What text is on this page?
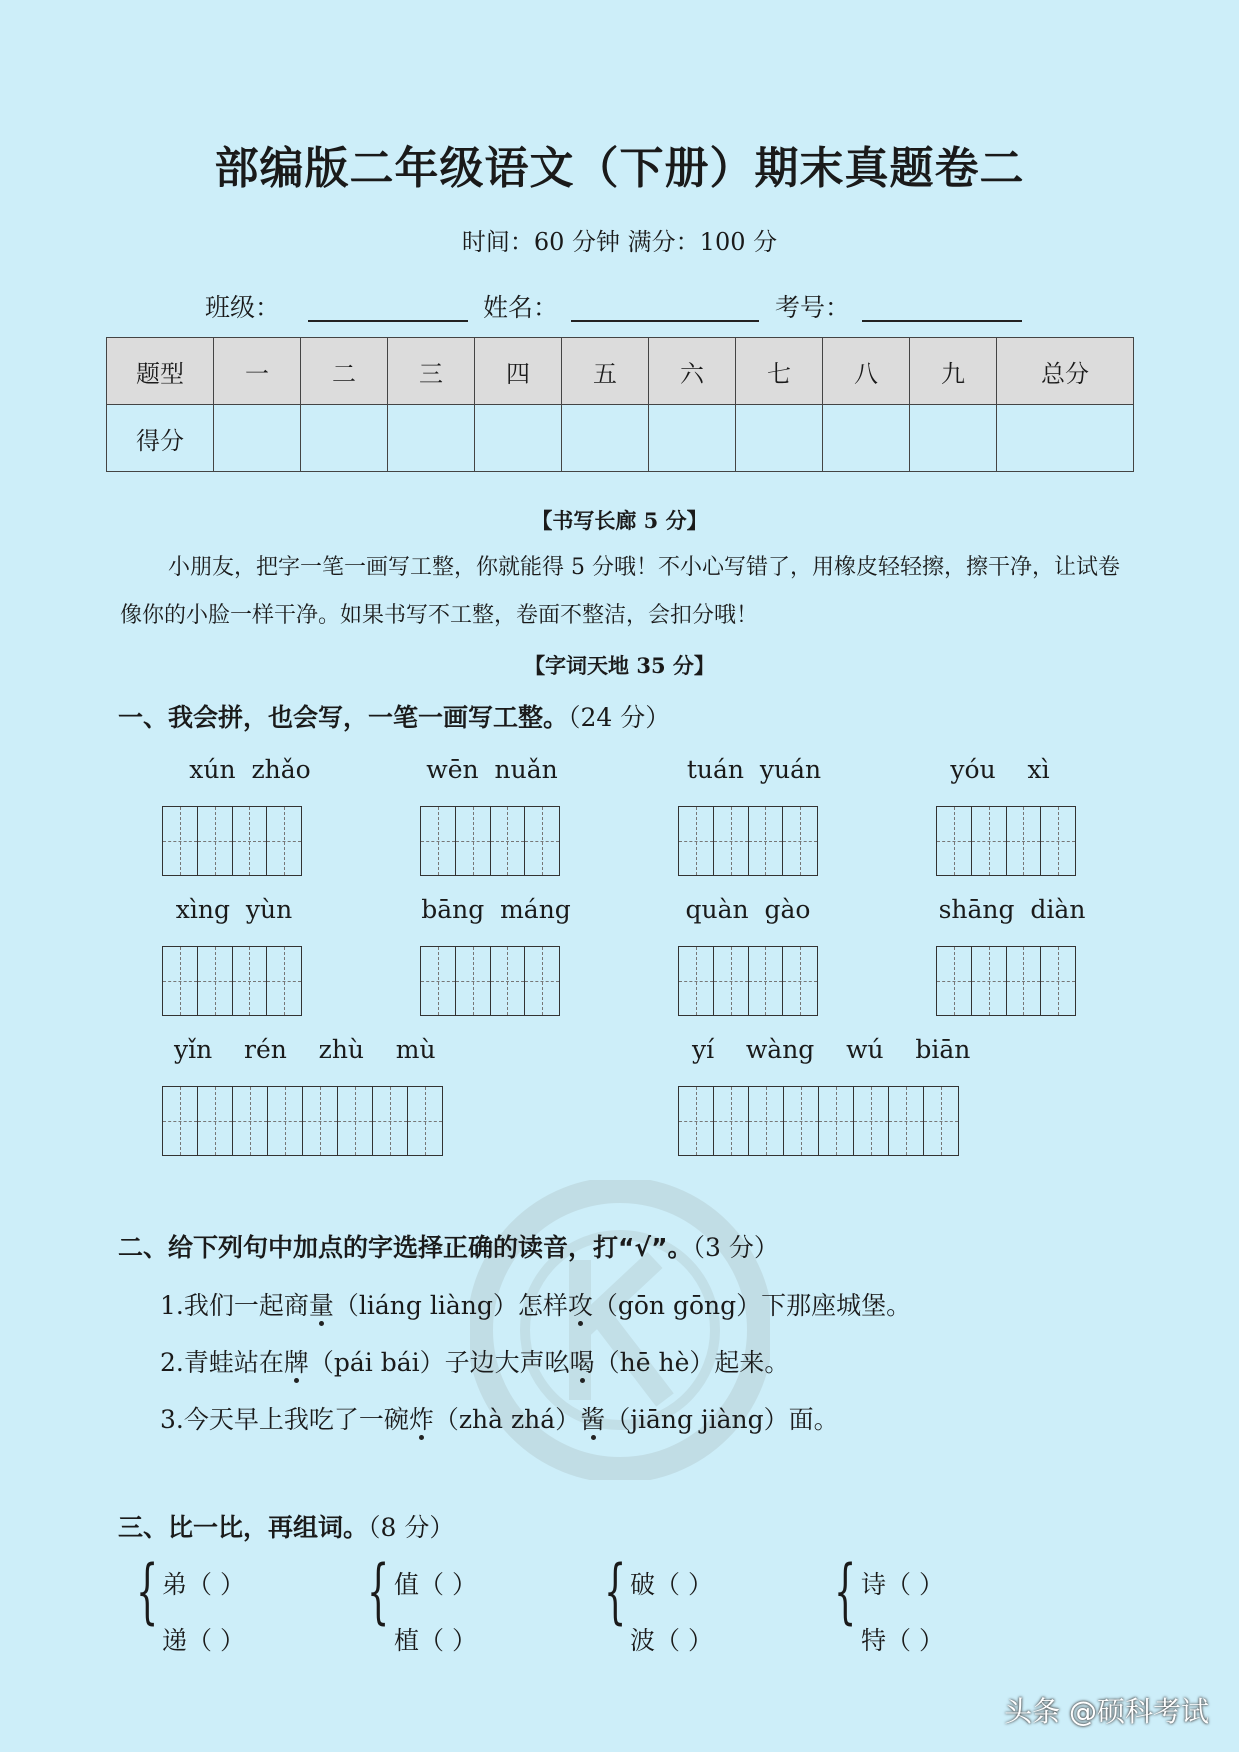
部编版二年级语文（下册）期末真题卷二
时间：60 分钟 满分：100 分
班级：	姓名：	考号：
题型	一	二	三	四	五	六	七	八	九	总分
得分										
【书写长廊 5 分】
小朋友，把字一笔一画写工整，你就能得 5 分哦！不小心写错了，用橡皮轻轻擦，擦干净，让试卷像你的小脸一样干净。如果书写不工整，卷面不整洁，会扣分哦！
【字词天地 35 分】
一、我会拼，也会写，一笔一画写工整。（24 分）
xún  zhǎo	wēn  nuǎn	tuán  yuán	yóu    xì
xìng  yùn	bāng  máng	quàn  gào	shāng  diàn
yǐn    rén    zhù    mù	yí    wàng    wú    biān
二、给下列句中加点的字选择正确的读音，打“√”。（3 分）
1.我们一起商量（liáng liàng）怎样攻（gōn gōng）下那座城堡。
2.青蛙站在牌（pái bái）子边大声吆喝（hē hè）起来。
3.今天早上我吃了一碗炸（zhà zhá）酱（jiāng jiàng）面。
三、比一比，再组词。（8 分）
{ 弟（ ）
递（ ）
{ 值（ ）
植（ ）
{ 破（ ）
波（ ）
{ 诗（ ）
特（ ）
头条 @硕科考试
